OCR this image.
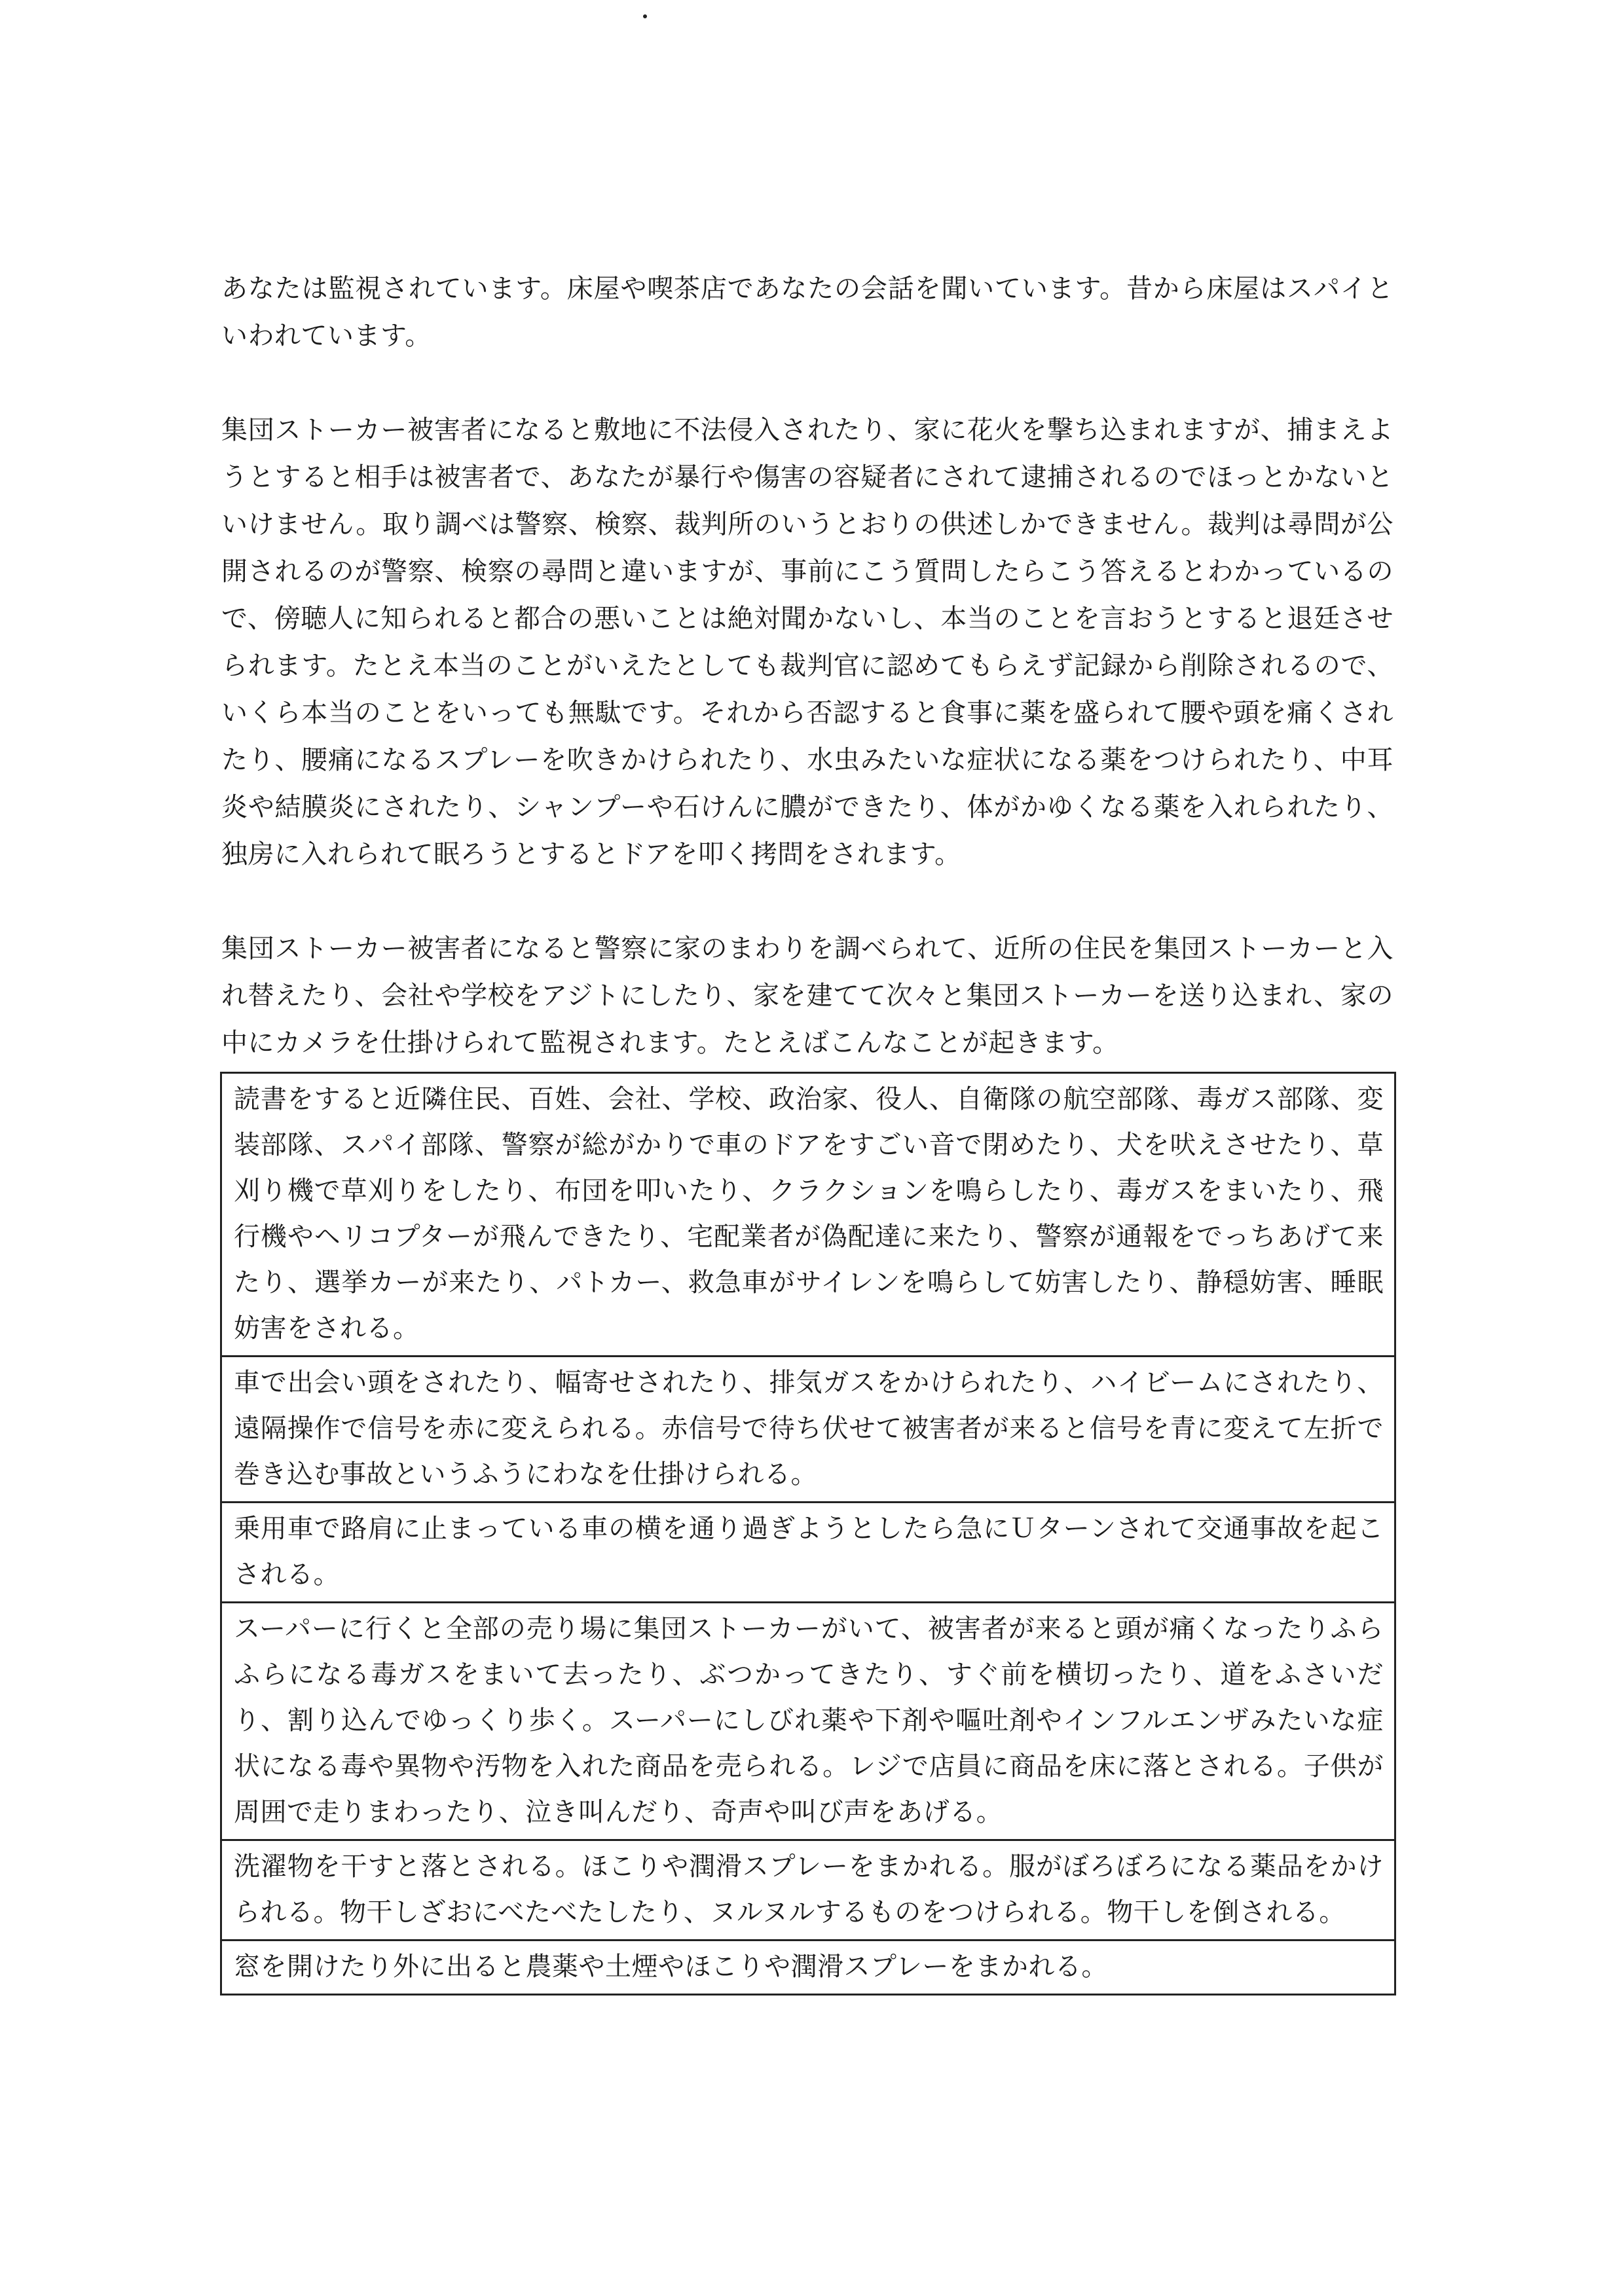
あなたは監視されています。床屋や喫茶店であなたの会話を聞いています。昔から床屋はスパイといわれています。

集団ストーカー被害者になると敷地に不法侵入されたり、家に花火を撃ち込まれますが、捕まえようとすると相手は被害者で、あなたが暴行や傷害の容疑者にされて逮捕されるのでほっとかないといけません。取り調べは警察、検察、裁判所のいうとおりの供述しかできません。裁判は尋問が公開されるのが警察、検察の尋問と違いますが、事前にこう質問したらこう答えるとわかっているので、傍聴人に知られると都合の悪いことは絶対聞かないし、本当のことを言おうとすると退廷させられます。たとえ本当のことがいえたとしても裁判官に認めてもらえず記録から削除されるので、いくら本当のことをいっても無駄です。それから否認すると食事に薬を盛られて腰や頭を痛くされたり、腰痛になるスプレーを吹きかけられたり、水虫みたいな症状になる薬をつけられたり、中耳炎や結膜炎にされたり、シャンプーや石けんに膿ができたり、体がかゆくなる薬を入れられたり、独房に入れられて眠ろうとするとドアを叩く拷問をされます。

集団ストーカー被害者になると警察に家のまわりを調べられて、近所の住民を集団ストーカーと入れ替えたり、会社や学校をアジトにしたり、家を建てて次々と集団ストーカーを送り込まれ、家の中にカメラを仕掛けられて監視されます。たとえばこんなことが起きます。

読書をすると近隣住民、百姓、会社、学校、政治家、役人、自衛隊の航空部隊、毒ガス部隊、変装部隊、スパイ部隊、警察が総がかりで車のドアをすごい音で閉めたり、犬を吠えさせたり、草刈り機で草刈りをしたり、布団を叩いたり、クラクションを鳴らしたり、毒ガスをまいたり、飛行機やヘリコプターが飛んできたり、宅配業者が偽配達に来たり、警察が通報をでっちあげて来たり、選挙カーが来たり、パトカー、救急車がサイレンを鳴らして妨害したり、静穏妨害、睡眠妨害をされる。
車で出会い頭をされたり、幅寄せされたり、排気ガスをかけられたり、ハイビームにされたり、遠隔操作で信号を赤に変えられる。赤信号で待ち伏せて被害者が来ると信号を青に変えて左折で巻き込む事故というふうにわなを仕掛けられる。
乗用車で路肩に止まっている車の横を通り過ぎようとしたら急にＵターンされて交通事故を起こされる。
スーパーに行くと全部の売り場に集団ストーカーがいて、被害者が来ると頭が痛くなったりふらふらになる毒ガスをまいて去ったり、ぶつかってきたり、すぐ前を横切ったり、道をふさいだり、割り込んでゆっくり歩く。スーパーにしびれ薬や下剤や嘔吐剤やインフルエンザみたいな症状になる毒や異物や汚物を入れた商品を売られる。レジで店員に商品を床に落とされる。子供が周囲で走りまわったり、泣き叫んだり、奇声や叫び声をあげる。
洗濯物を干すと落とされる。ほこりや潤滑スプレーをまかれる。服がぼろぼろになる薬品をかけられる。物干しざおにべたべたしたり、ヌルヌルするものをつけられる。物干しを倒される。
窓を開けたり外に出ると農薬や土煙やほこりや潤滑スプレーをまかれる。
